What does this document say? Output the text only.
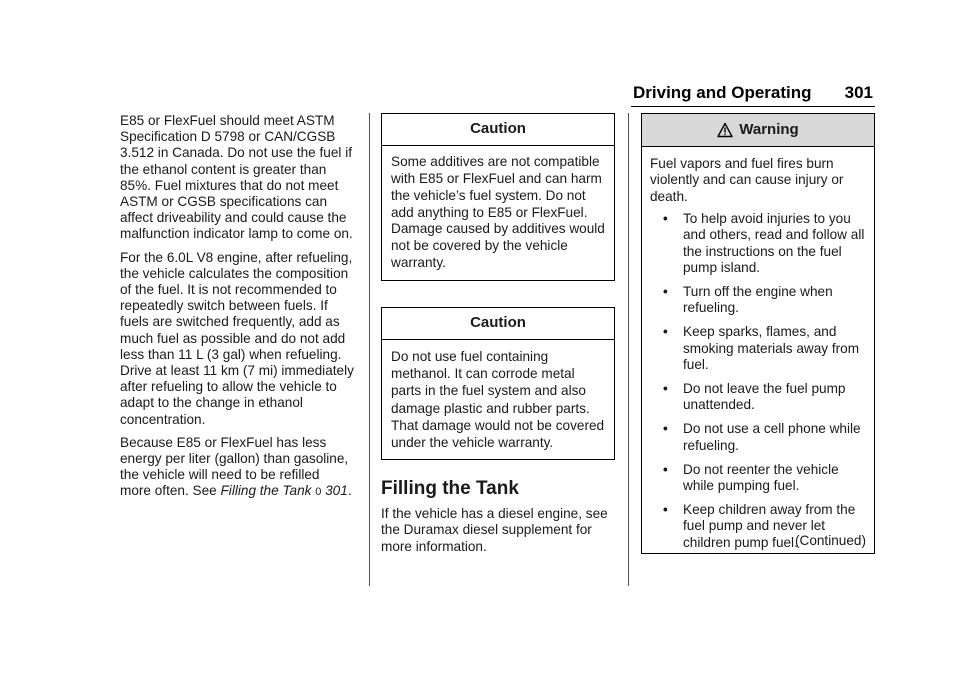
Driving and Operating 301

E85 or FlexFuel should meet ASTM Specification D 5798 or CAN/CGSB 3.512 in Canada. Do not use the fuel if the ethanol content is greater than 85%. Fuel mixtures that do not meet ASTM or CGSB specifications can affect driveability and could cause the malfunction indicator lamp to come on.

For the 6.0L V8 engine, after refueling, the vehicle calculates the composition of the fuel. It is not recommended to repeatedly switch between fuels. If fuels are switched frequently, add as much fuel as possible and do not add less than 11 L (3 gal) when refueling. Drive at least 11 km (7 mi) immediately after refueling to allow the vehicle to adapt to the change in ethanol concentration.

Because E85 or FlexFuel has less energy per liter (gallon) than gasoline, the vehicle will need to be refilled more often. See Filling the Tank 0 301.

Caution

Some additives are not compatible with E85 or FlexFuel and can harm the vehicle’s fuel system. Do not add anything to E85 or FlexFuel. Damage caused by additives would not be covered by the vehicle warranty.

Caution

Do not use fuel containing methanol. It can corrode metal parts in the fuel system and also damage plastic and rubber parts. That damage would not be covered under the vehicle warranty.

Filling the Tank

If the vehicle has a diesel engine, see the Duramax diesel supplement for more information.

Warning

Fuel vapors and fuel fires burn violently and can cause injury or death.

• To help avoid injuries to you and others, read and follow all the instructions on the fuel pump island.
• Turn off the engine when refueling.
• Keep sparks, flames, and smoking materials away from fuel.
• Do not leave the fuel pump unattended.
• Do not use a cell phone while refueling.
• Do not reenter the vehicle while pumping fuel.
• Keep children away from the fuel pump and never let children pump fuel.
(Continued)
